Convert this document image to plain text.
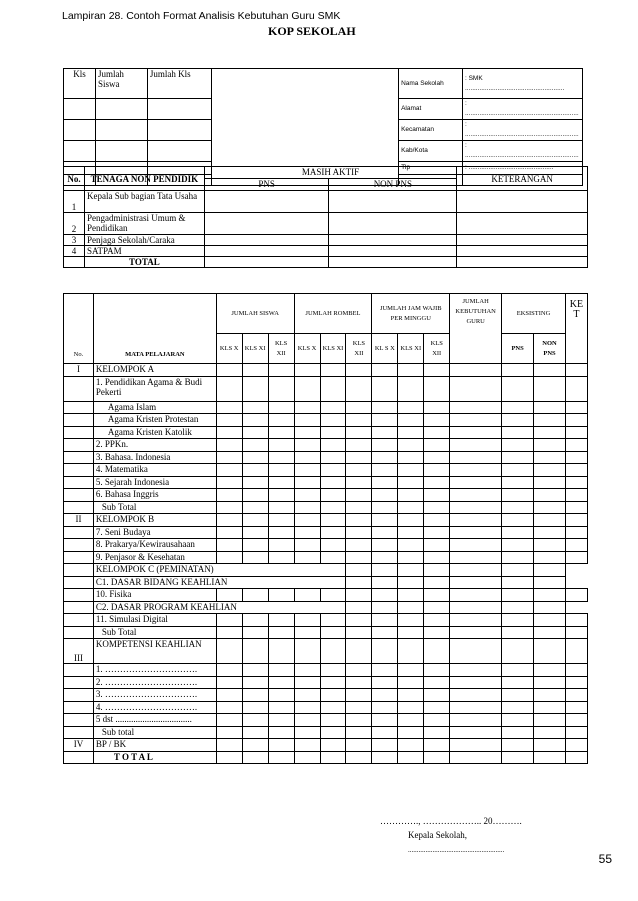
Lampiran 28. Contoh Format Analisis Kebutuhan Guru SMK
KOP SEKOLAH
Kls	Jumlah Siswa	Jumlah Kls		Nama Sekolah	: SMK .......................................................
				Alamat	: ...............................................................
				Kecamatan	: ...............................................................
				Kab/Kota	: ...............................................................
				Tlp	: ...............................................

No.	TENAGA NON PENDIDIK	MASIH AKTIF		KETERANGAN
		PNS	NON PNS	
1	Kepala Sub bagian Tata Usaha			
2	Pengadministrasi Umum & Pendidikan			
3	Penjaga Sekolah/Caraka			
4	SATPAM			
	TOTAL			
No.	MATA PELAJARAN	JUMLAH SISWA			JUMLAH ROMBEL			JUMLAH JAM WAJIB PER MINGGU			JUMLAH KEBUTUHAN GURU	EKSISTING		KET
		KLS X	KLS XI	KLS XII	KLS X	KLS XI	KLS XII	KL S X	KLS XI	KLS XII		PNS	NON PNS	
I	KELOMPOK A													
	1. Pendidikan Agama & Budi Pekerti													
	Agama Islam													
	Agama Kristen Protestan													
	Agama Kristen Katolik													
	2. PPKn.													
	3. Bahasa. Indonesia													
	4. Matematika													
	5. Sejarah Indonesia													
	6. Bahasa Inggris													
	Sub Total													
II	KELOMPOK B													
	7. Seni Budaya													
	8. Prakarya/Kewirausahaan													
	9. Penjasor & Kesehatan													
	KELOMPOK C (PEMINATAN)													
	C1. DASAR BIDANG KEAHLIAN													
	10. Fisika													
	C2. DASAR PROGRAM KEAHLIAN													
	11. Simulasi Digital													
	Sub Total													
III	KOMPETENSI KEAHLIAN													
	1. ………………………….													
	2. ………………………….													
	3. ………………………….													
	4. ………………………….													
	5 dst ..................................													
	Sub total													
IV	BP / BK													
	T O T A L													
…………., ……………….. 20……….
Kepala Sekolah,
.......................................................
55
